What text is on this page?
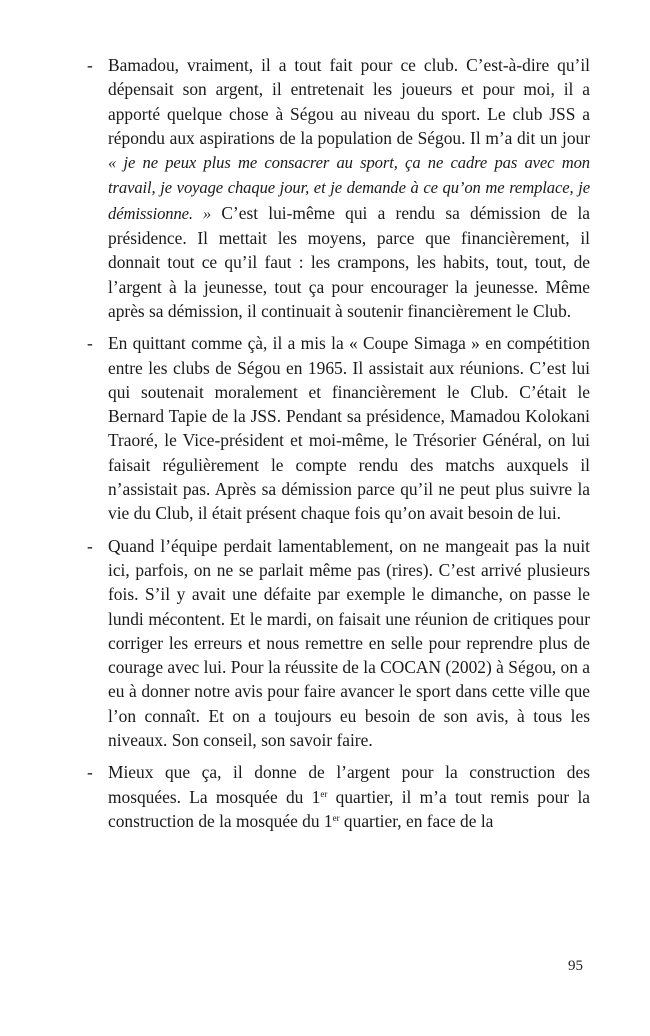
- Bamadou, vraiment, il a tout fait pour ce club. C’est-à-dire qu’il dépensait son argent, il entretenait les joueurs et pour moi, il a apporté quelque chose à Ségou au niveau du sport. Le club JSS a répondu aux aspirations de la population de Ségou. Il m’a dit un jour « je ne peux plus me consacrer au sport, ça ne cadre pas avec mon travail, je voyage chaque jour, et je demande à ce qu’on me remplace, je démissionne. » C’est lui-même qui a rendu sa démission de la présidence. Il mettait les moyens, parce que financièrement, il donnait tout ce qu’il faut : les crampons, les habits, tout, tout, de l’argent à la jeunesse, tout ça pour encourager la jeunesse. Même après sa démission, il continuait à soutenir financièrement le Club.

- En quittant comme çà, il a mis la « Coupe Simaga » en compétition entre les clubs de Ségou en 1965. Il assistait aux réunions. C’est lui qui soutenait moralement et financièrement le Club. C’était le Bernard Tapie de la JSS. Pendant sa présidence, Mamadou Kolokani Traoré, le Vice-président et moi-même, le Trésorier Général, on lui faisait régulièrement le compte rendu des matchs auxquels il n’assistait pas. Après sa démission parce qu’il ne peut plus suivre la vie du Club, il était présent chaque fois qu’on avait besoin de lui.

- Quand l’équipe perdait lamentablement, on ne mangeait pas la nuit ici, parfois, on ne se parlait même pas (rires). C’est arrivé plusieurs fois. S’il y avait une défaite par exemple le dimanche, on passe le lundi mécontent. Et le mardi, on faisait une réunion de critiques pour corriger les erreurs et nous remettre en selle pour reprendre plus de courage avec lui. Pour la réussite de la COCAN (2002) à Ségou, on a eu à donner notre avis pour faire avancer le sport dans cette ville que l’on connaît. Et on a toujours eu besoin de son avis, à tous les niveaux. Son conseil, son savoir faire.

- Mieux que ça, il donne de l’argent pour la construction des mosquées. La mosquée du 1er quartier, il m’a tout remis pour la construction de la mosquée du 1er quartier, en face de la

95
